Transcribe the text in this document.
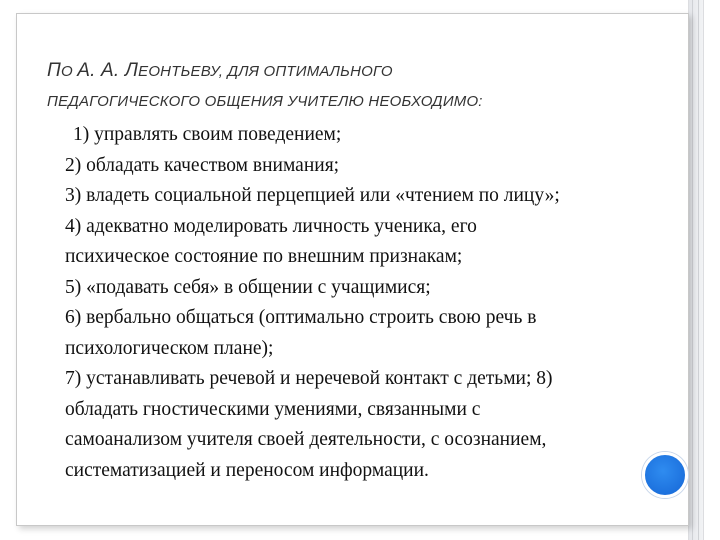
ПО А. А. ЛЕОНТЬЕВУ, ДЛЯ ОПТИМАЛЬНОГО
ПЕДАГОГИЧЕСКОГО ОБЩЕНИЯ УЧИТЕЛЮ НЕОБХОДИМО:
1) управлять своим поведением;
2) обладать качеством внимания;
3) владеть социальной перцепцией или «чтением по лицу»;
4) адекватно моделировать личность ученика, его
психическое состояние по внешним признакам;
5) «подавать себя» в общении с учащимися;
6) вербально общаться (оптимально строить свою речь в
психологическом плане);
7) устанавливать речевой и неречевой контакт с детьми; 8)
обладать гностическими умениями, связанными с
самоанализом учителя своей деятельности, с осознанием,
систематизацией и переносом информации.
